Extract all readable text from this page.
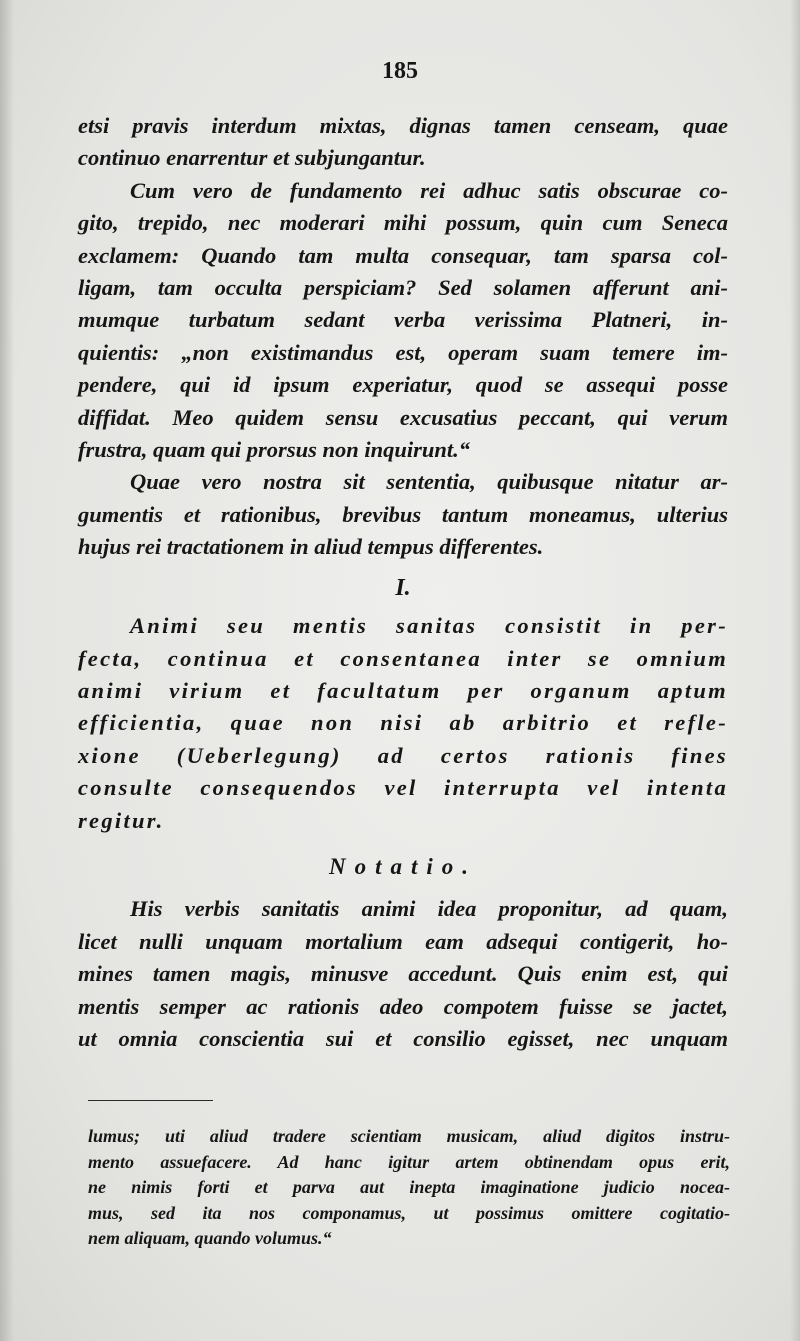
185
etsi pravis interdum mixtas, dignas tamen censeam, quae
continuo enarrentur et subjungantur.
Cum vero de fundamento rei adhuc satis obscurae co-
gito, trepido, nec moderari mihi possum, quin cum Seneca
exclamem: Quando tam multa consequar, tam sparsa col-
ligam, tam occulta perspiciam? Sed solamen afferunt ani-
mumque turbatum sedant verba verissima Platneri, in-
quientis: „non existimandus est, operam suam temere im-
pendere, qui id ipsum experiatur, quod se assequi posse
diffidat. Meo quidem sensu excusatius peccant, qui verum
frustra, quam qui prorsus non inquirunt.“
Quae vero nostra sit sententia, quibusque nitatur ar-
gumentis et rationibus, brevibus tantum moneamus, ulterius
hujus rei tractationem in aliud tempus differentes.
I.
Animi seu mentis sanitas consistit in per-
fecta, continua et consentanea inter se omnium
animi virium et facultatum per organum aptum
efficientia, quae non nisi ab arbitrio et refle-
xione (Ueberlegung) ad certos rationis fines
consulte consequendos vel interrupta vel intenta
regitur.
Notatio.
His verbis sanitatis animi idea proponitur, ad quam,
licet nulli unquam mortalium eam adsequi contigerit, ho-
mines tamen magis, minusve accedunt. Quis enim est, qui
mentis semper ac rationis adeo compotem fuisse se jactet,
ut omnia conscientia sui et consilio egisset, nec unquam
lumus; uti aliud tradere scientiam musicam, aliud digitos instru-
mento assuefacere. Ad hanc igitur artem obtinendam opus erit,
ne nimis forti et parva aut inepta imaginatione judicio nocea-
mus, sed ita nos componamus, ut possimus omittere cogitatio-
nem aliquam, quando volumus.“
